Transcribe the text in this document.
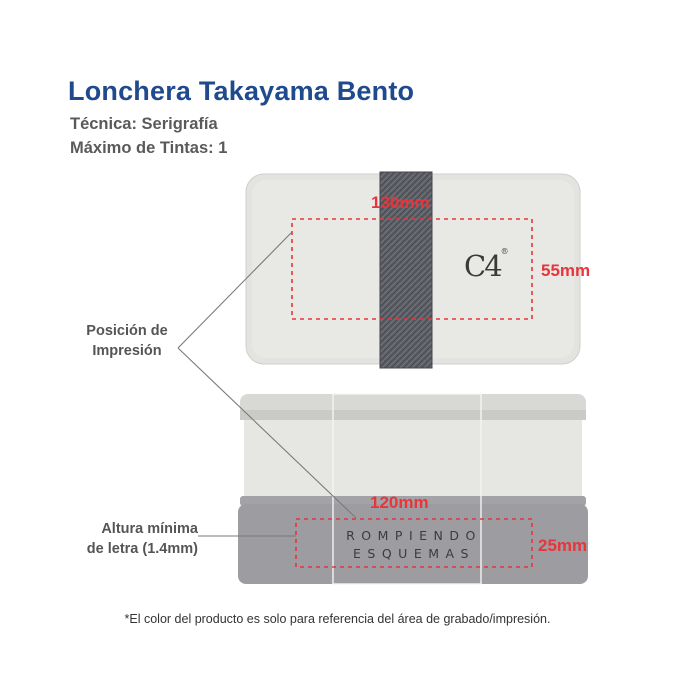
Lonchera Takayama Bento
Técnica: Serigrafía
Máximo de Tintas: 1
Posición de
Impresión
Altura mínima
de letra (1.4mm)
130mm
55mm
120mm
25mm
C4®
ROMPIENDO
ESQUEMAS
*El color del producto es solo para referencia del área de grabado/impresión.
